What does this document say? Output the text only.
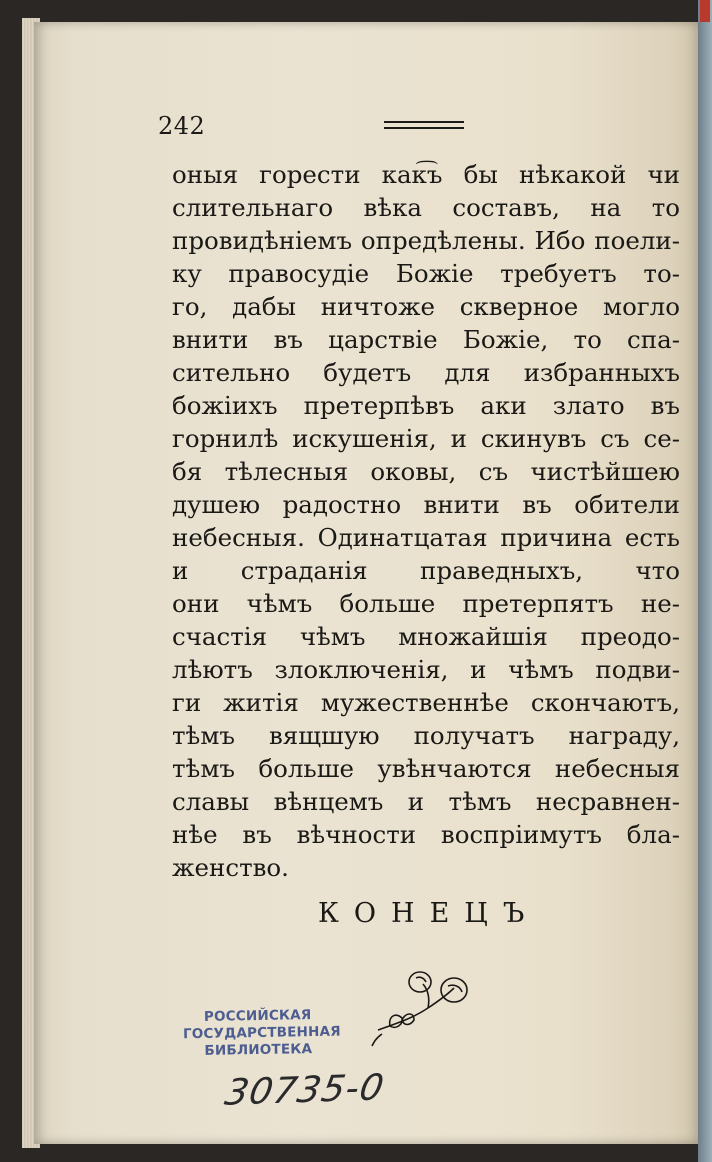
242
оныя горести как͡ъ бы нѣкакой чи
слительнаго вѣка составъ, на то
провидѣніемъ опредѣлены. Ибо поели-
ку правосудіе Божіе требуетъ то-
го, дабы ничтоже скверное могло
внити въ царствіе Божіе, то спа-
сительно будетъ для избранныхъ
божіихъ претерпѣвъ аки злато въ
горнилѣ искушенія, и скинувъ съ се-
бя тѣлесныя оковы, съ чистѣйшею
душею радостно внити въ обители
небесныя. Одинатцатая причина есть
и страданія праведныхъ, что
они чѣмъ больше претерпятъ не-
счастія чѣмъ множайшія преодо-
лѣютъ злоключенія, и чѣмъ подви-
ги житія мужественнѣе скончаютъ,
тѣмъ вящшую получатъ награду,
тѣмъ больше увѣнчаются небесныя
славы вѣнцемъ и тѣмъ несравнен-
нѣе въ вѣчности воспріимутъ бла-
женство.
КОНЕЦЪ
РОССИЙСКАЯ
ГОСУДАРСТВЕННАЯ
БИБЛИОТЕКА
30735-0
